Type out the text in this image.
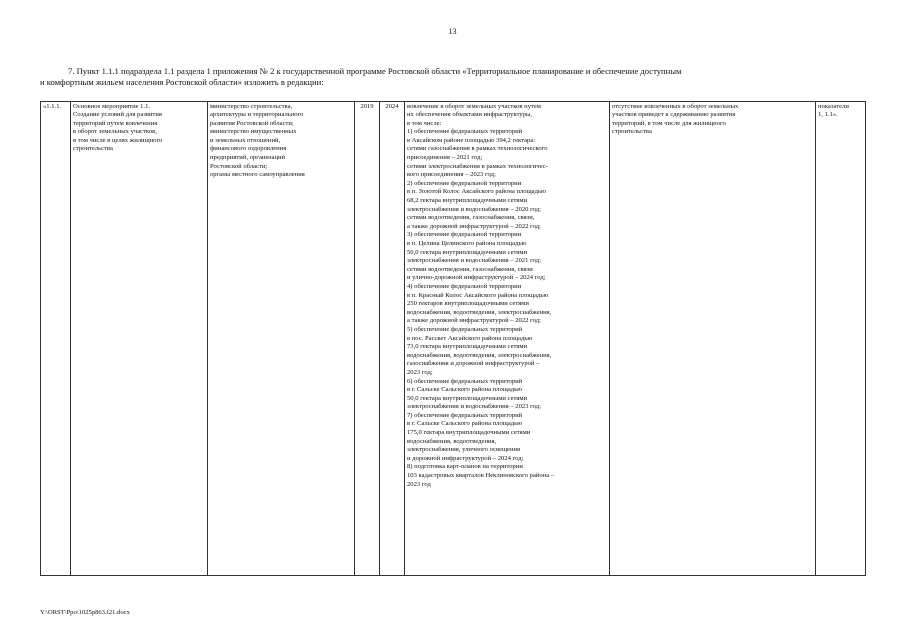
13

7. Пункт 1.1.1 подраздела 1.1 раздела 1 приложения № 2 к государственной программе Ростовской области «Территориальное планирование и обеспечение доступным

и комфортным жильем населения Ростовской области» изложить в редакции:
«1.1.1.	Основное мероприятие 1.1.
Создание условий для развития
территорий путем вовлечения
в оборот земельных участков,
в том числе в целях жилищного
строительства

министерство строительства,
архитектуры и территориального
развития Ростовской области;
министерство имущественных
и земельных отношений,
финансового оздоровления
предприятий, организаций
Ростовской области;
органы местного самоуправления
	2019	2024	вовлечение в оборот земельных участков путем
их обеспечения объектами инфраструктуры,
в том числе:
1) обеспечение федеральных территорий
в Аксайском районе площадью 394,2 гектара:
сетями газоснабжения в рамках технологического
присоединения – 2021 год;
сетями электроснабжения в рамках технологичес-
кого присоединения – 2023 год;
2) обеспечение федеральной территории
в п. Золотой Колос Аксайского района площадью
68,2 гектара внутриплощадочными сетями
электроснабжения и водоснабжения – 2020 год;
сетями водоотведения, газоснабжения, связи,
а также дорожной инфраструктурой – 2022 год;
3) обеспечение федеральной территории
в п. Целина Целинского района площадью
50,0 гектара внутриплощадочными сетями
электроснабжения и водоснабжения – 2021 год;
сетями водоотведения, газоснабжения, связи
и улично-дорожной инфраструктурой – 2024 год;
4) обеспечение федеральной территории
в п. Красный Колос Аксайского района площадью
250 гектаров внутриплощадочными сетями
водоснабжения, водоотведения, электроснабжения,
а также дорожной инфраструктурой – 2022 год;
5) обеспечение федеральных территорий
в пос. Рассвет Аксайского района площадью
73,0 гектара внутриплощадочными сетями
водоснабжения, водоотведения, электроснабжения,
газоснабжения и дорожной инфраструктурой –
2023 год;
6) обеспечение федеральных территорий
в г. Сальске Сальского района площадью
50,0 гектара внутриплощадочными сетями
электроснабжения и водоснабжения – 2023 год;
7) обеспечение федеральных территорий
в г. Сальске Сальского района площадью
175,0 гектара внутриплощадочными сетями
водоснабжения, водоотведения,
электроснабжения, уличного освещения
и дорожной инфраструктурой – 2024 год;
8) подготовка карт-планов на территории
103 кадастровых кварталов Неклиновского района –
2023 год

отсутствие вовлеченных в оборот земельных
участков приведет к сдерживанию развития
территорий, в том числе для жилищного
строительства

показатели
1, 1.1».
Y:\ORST\Ppo\1025p863.f21.docx
